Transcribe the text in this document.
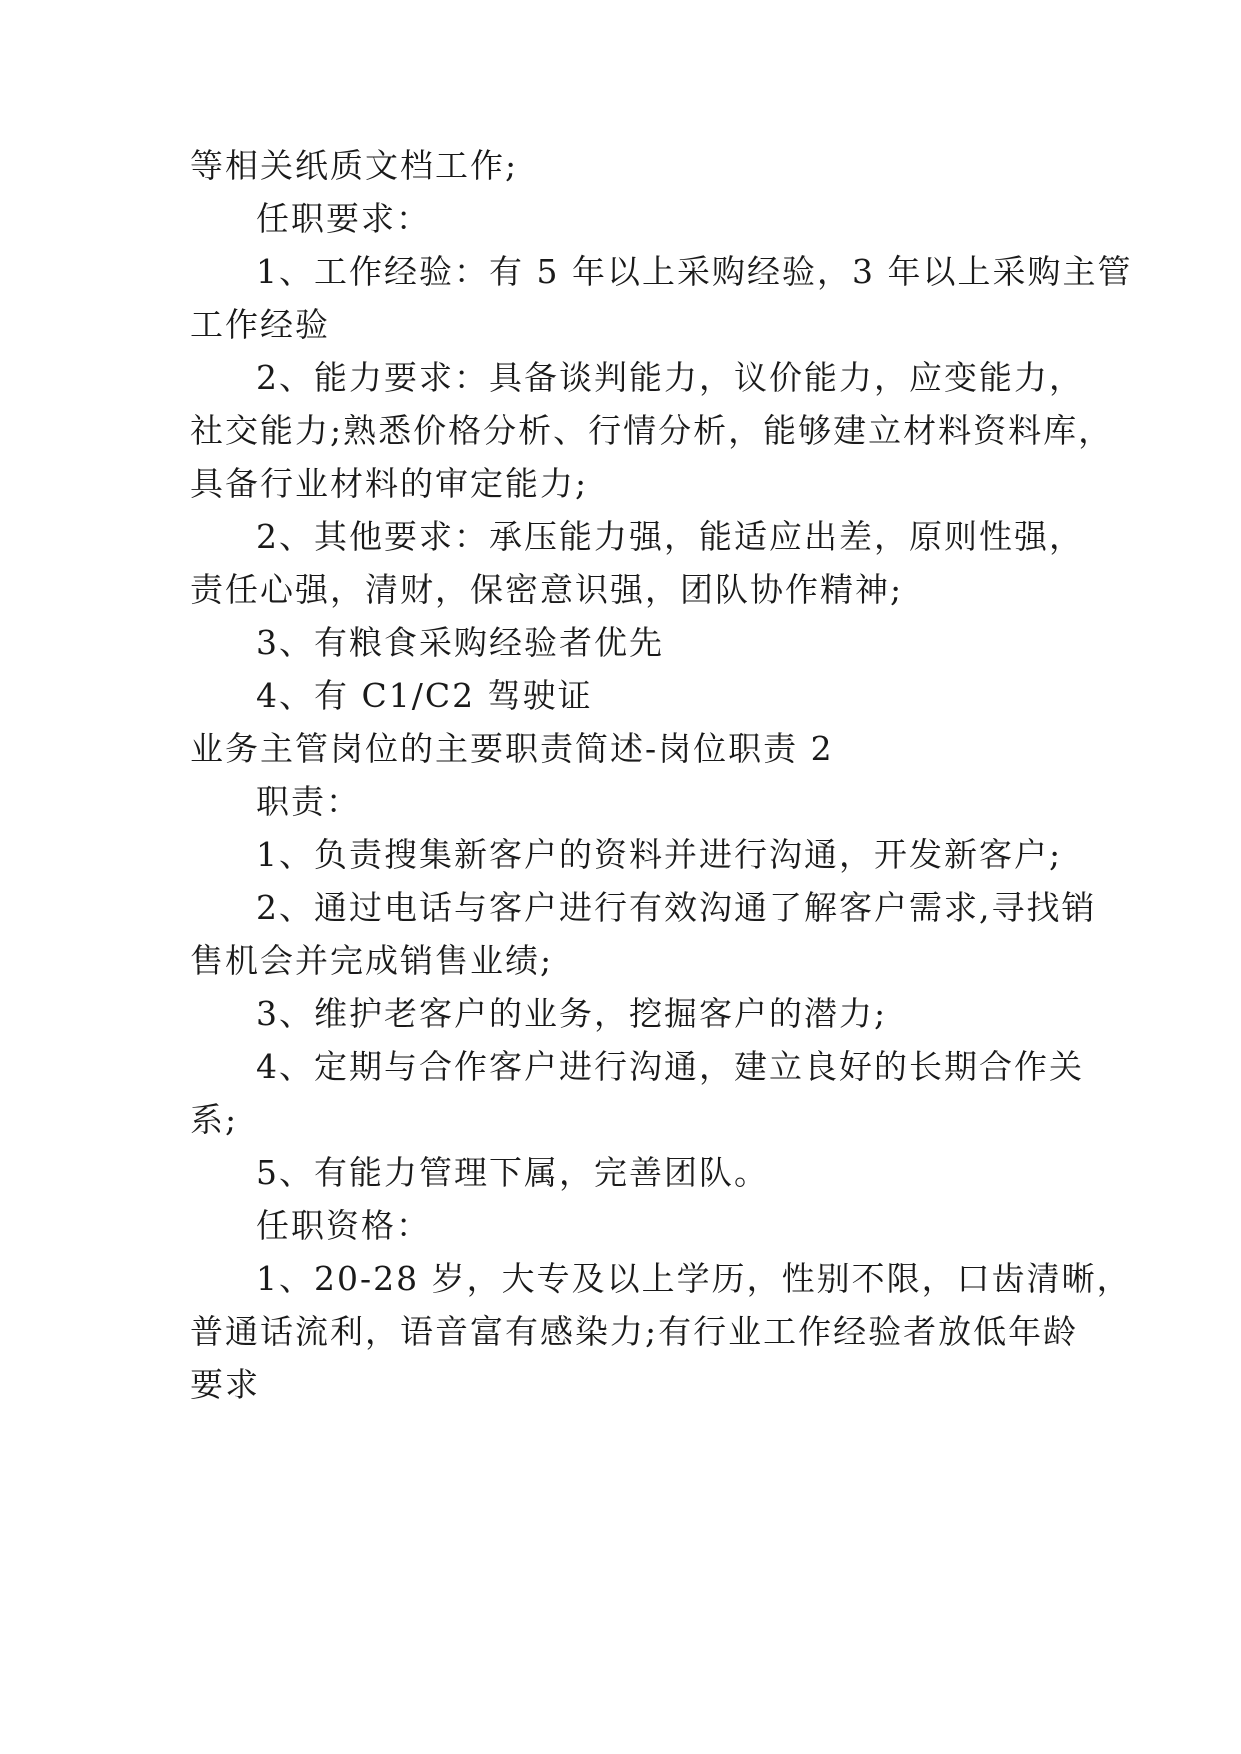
等相关纸质文档工作;
任职要求：
1、工作经验：有 5 年以上采购经验，3 年以上采购主管
工作经验
2、能力要求：具备谈判能力，议价能力，应变能力，
社交能力;熟悉价格分析、行情分析，能够建立材料资料库，
具备行业材料的审定能力;
2、其他要求：承压能力强，能适应出差，原则性强，
责任心强，清财，保密意识强，团队协作精神;
3、有粮食采购经验者优先
4、有 C1/C2 驾驶证
业务主管岗位的主要职责简述-岗位职责 2
职责：
1、负责搜集新客户的资料并进行沟通，开发新客户;
2、通过电话与客户进行有效沟通了解客户需求,寻找销
售机会并完成销售业绩;
3、维护老客户的业务，挖掘客户的潜力;
4、定期与合作客户进行沟通，建立良好的长期合作关
系;
5、有能力管理下属，完善团队。
任职资格：
1、20-28 岁，大专及以上学历，性别不限，口齿清晰，
普通话流利，语音富有感染力;有行业工作经验者放低年龄
要求
